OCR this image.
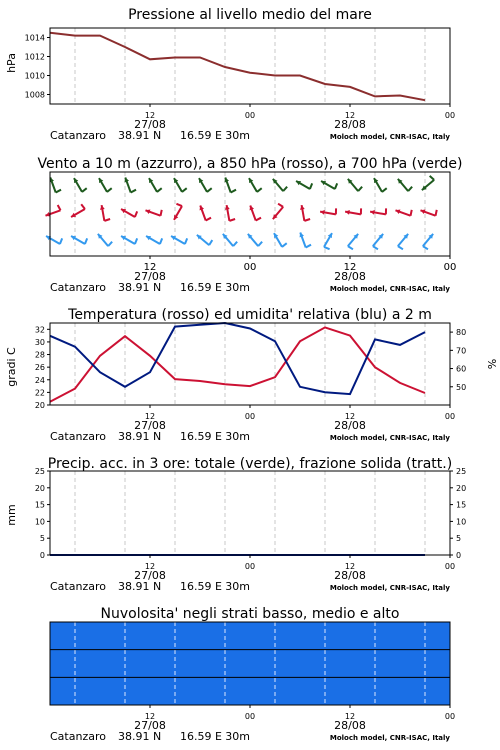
Pressione al livello medio del mare
Vento a 10 m (azzurro), a 850 hPa (rosso), a 700 hPa (verde)
Temperatura (rosso) ed umidita' relativa (blu) a 2 m
Precip. acc. in 3 ore: totale (verde), frazione solida (tratt.)
Nuvolosita' negli strati basso, medio e alto
hPa
gradi C	%
mm
1008
1010
1012
1014
20
22
24
26
28
30
32
50
60
70
80
0
5
10
15
20
25
0
5
10
15
20
25
12	00	12	00
27/08	28/08
Catanzaro 38.91 N 16.59 E 30m	Moloch model, CNR-ISAC, Italy
12	00	12	00
27/08	28/08
Catanzaro 38.91 N 16.59 E 30m	Moloch model, CNR-ISAC, Italy
12	00	12	00
27/08	28/08
Catanzaro 38.91 N 16.59 E 30m	Moloch model, CNR-ISAC, Italy
12	00	12	00
27/08	28/08
Catanzaro 38.91 N 16.59 E 30m	Moloch model, CNR-ISAC, Italy
12	00	12	00
27/08	28/08
Catanzaro 38.91 N 16.59 E 30m	Moloch model, CNR-ISAC, Italy
